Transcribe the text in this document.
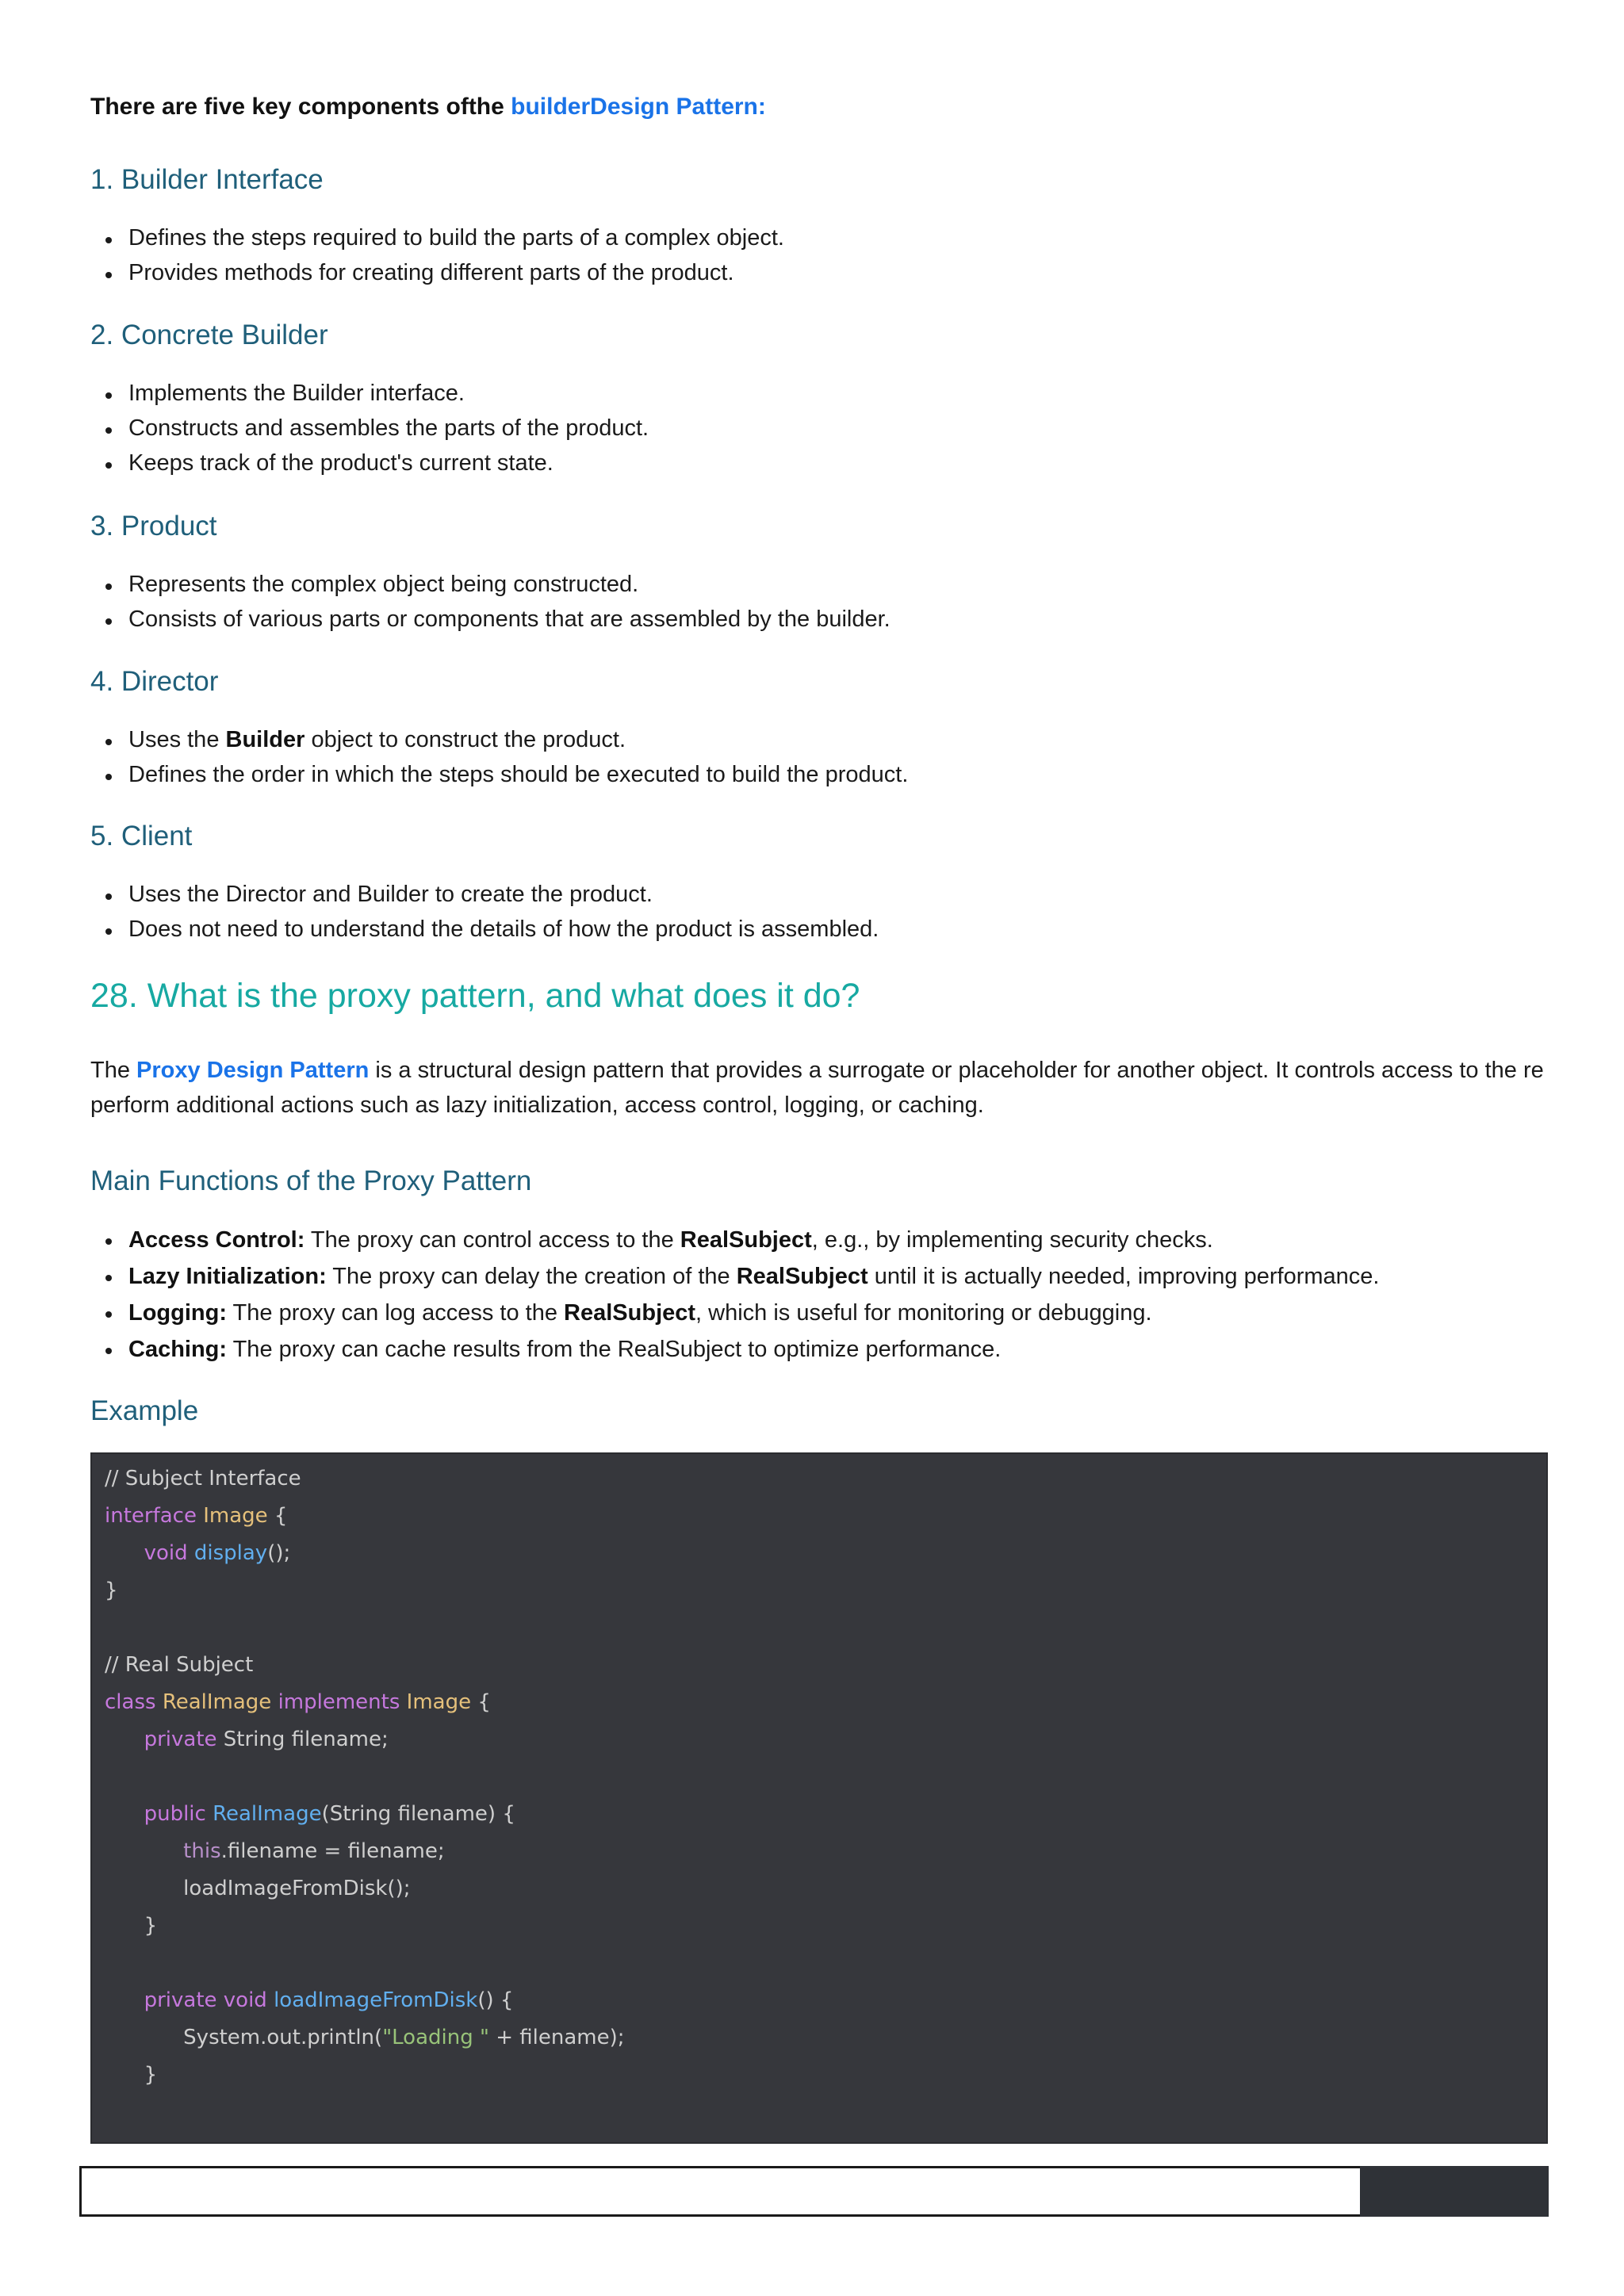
There are five key components ofthe builderDesign Pattern:
1. Builder Interface
Defines the steps required to build the parts of a complex object.
Provides methods for creating different parts of the product.
2. Concrete Builder
Implements the Builder interface.
Constructs and assembles the parts of the product.
Keeps track of the product's current state.
3. Product
Represents the complex object being constructed.
Consists of various parts or components that are assembled by the builder.
4. Director
Uses the Builder object to construct the product.
Defines the order in which the steps should be executed to build the product.
5. Client
Uses the Director and Builder to create the product.
Does not need to understand the details of how the product is assembled.
28. What is the proxy pattern, and what does it do?
The Proxy Design Pattern is a structural design pattern that provides a surrogate or placeholder for another object. It controls access to the re
perform additional actions such as lazy initialization, access control, logging, or caching.
Main Functions of the Proxy Pattern
Access Control: The proxy can control access to the RealSubject, e.g., by implementing security checks.
Lazy Initialization: The proxy can delay the creation of the RealSubject until it is actually needed, improving performance.
Logging: The proxy can log access to the RealSubject, which is useful for monitoring or debugging.
Caching: The proxy can cache results from the RealSubject to optimize performance.
Example
// Subject Interface
interface Image {
void display();
}
// Real Subject
class RealImage implements Image {
private String filename;
public RealImage(String filename) {
this.filename = filename;
loadImageFromDisk();
}
private void loadImageFromDisk() {
System.out.println("Loading " + filename);
}
